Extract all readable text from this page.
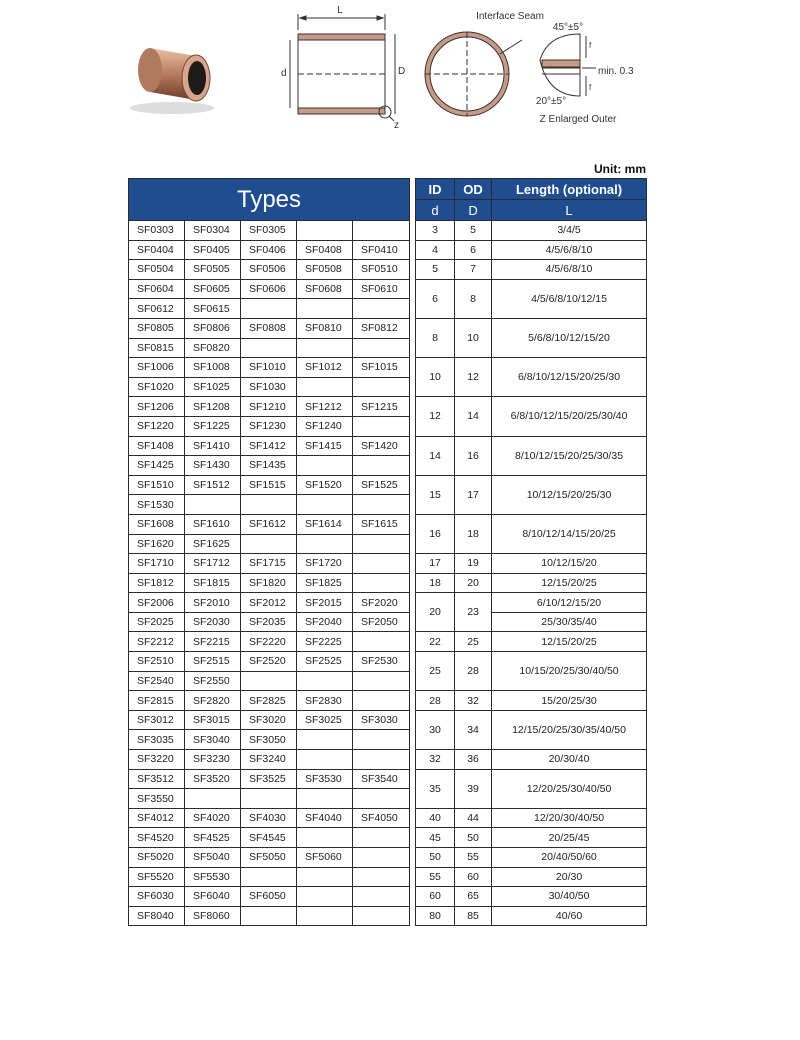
L
d	D
z
Interface Seam
45°±5°
f
f
min. 0.3
20°±5°
Z Enlarged Outer
Unit: mm
Types						ID	OD	Length (optional)
						d	D	L
SF0303	SF0304	SF0305				3	5	3/4/5
SF0404	SF0405	SF0406	SF0408	SF0410		4	6	4/5/6/8/10
SF0504	SF0505	SF0506	SF0508	SF0510		5	7	4/5/6/8/10
SF0604	SF0605	SF0606	SF0608	SF0610		6	8	4/5/6/8/10/12/15
SF0612	SF0615							
SF0805	SF0806	SF0808	SF0810	SF0812		8	10	5/6/8/10/12/15/20
SF0815	SF0820							
SF1006	SF1008	SF1010	SF1012	SF1015		10	12	6/8/10/12/15/20/25/30
SF1020	SF1025	SF1030						
SF1206	SF1208	SF1210	SF1212	SF1215		12	14	6/8/10/12/15/20/25/30/40
SF1220	SF1225	SF1230	SF1240					
SF1408	SF1410	SF1412	SF1415	SF1420		14	16	8/10/12/15/20/25/30/35
SF1425	SF1430	SF1435						
SF1510	SF1512	SF1515	SF1520	SF1525		15	17	10/12/15/20/25/30
SF1530								
SF1608	SF1610	SF1612	SF1614	SF1615		16	18	8/10/12/14/15/20/25
SF1620	SF1625							
SF1710	SF1712	SF1715	SF1720			17	19	10/12/15/20
SF1812	SF1815	SF1820	SF1825			18	20	12/15/20/25
SF2006	SF2010	SF2012	SF2015	SF2020		20	23	6/10/12/15/20
SF2025	SF2030	SF2035	SF2040	SF2050				25/30/35/40
SF2212	SF2215	SF2220	SF2225			22	25	12/15/20/25
SF2510	SF2515	SF2520	SF2525	SF2530		25	28	10/15/20/25/30/40/50
SF2540	SF2550							
SF2815	SF2820	SF2825	SF2830			28	32	15/20/25/30
SF3012	SF3015	SF3020	SF3025	SF3030		30	34	12/15/20/25/30/35/40/50
SF3035	SF3040	SF3050						
SF3220	SF3230	SF3240				32	36	20/30/40
SF3512	SF3520	SF3525	SF3530	SF3540		35	39	12/20/25/30/40/50
SF3550								
SF4012	SF4020	SF4030	SF4040	SF4050		40	44	12/20/30/40/50
SF4520	SF4525	SF4545				45	50	20/25/45
SF5020	SF5040	SF5050	SF5060			50	55	20/40/50/60
SF5520	SF5530					55	60	20/30
SF6030	SF6040	SF6050				60	65	30/40/50
SF8040	SF8060					80	85	40/60
